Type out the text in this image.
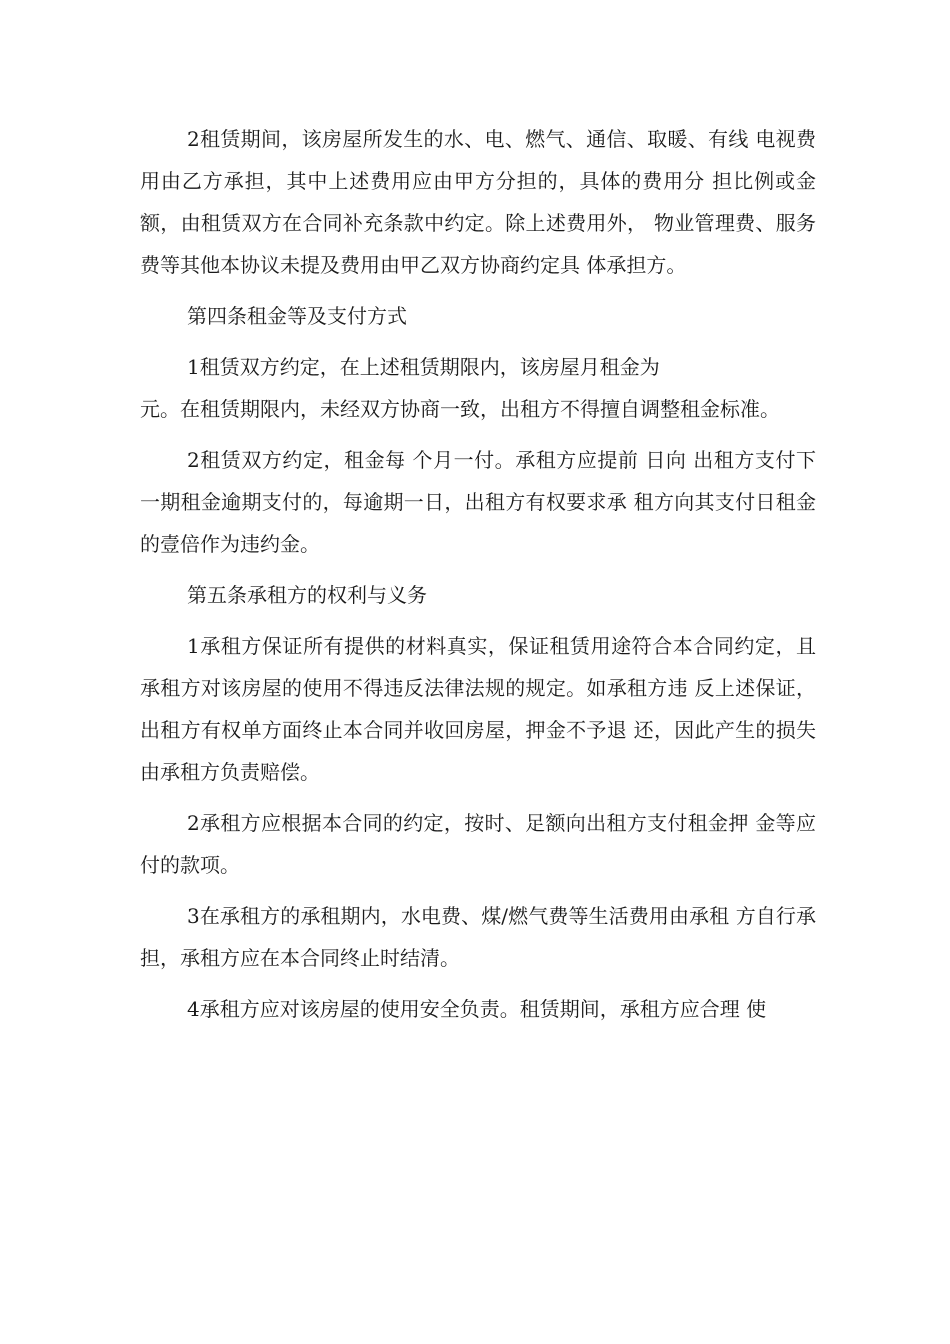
2租赁期间，该房屋所发生的水、电、燃气、通信、取暖、有线 电视费用由乙方承担，其中上述费用应由甲方分担的，具体的费用分 担比例或金额，由租赁双方在合同补充条款中约定。除上述费用外， 物业管理费、服务费等其他本协议未提及费用由甲乙双方协商约定具 体承担方。

第四条租金等及支付方式

1租赁双方约定，在上述租赁期限内，该房屋月租金为
元。在租赁期限内，未经双方协商一致，出租方不得擅自调整租金标准。

2租赁双方约定，租金每 个月一付。承租方应提前 日向 出租方支付下一期租金逾期支付的，每逾期一日，出租方有权要求承 租方向其支付日租金的壹倍作为违约金。

第五条承租方的权利与义务

1承租方保证所有提供的材料真实，保证租赁用途符合本合同约定，且承租方对该房屋的使用不得违反法律法规的规定。如承租方违 反上述保证，出租方有权单方面终止本合同并收回房屋，押金不予退 还，因此产生的损失由承租方负责赔偿。

2承租方应根据本合同的约定，按时、足额向出租方支付租金押 金等应付的款项。

3在承租方的承租期内，水电费、煤/燃气费等生活费用由承租 方自行承担，承租方应在本合同终止时结清。

4承租方应对该房屋的使用安全负责。租赁期间，承租方应合理 使
